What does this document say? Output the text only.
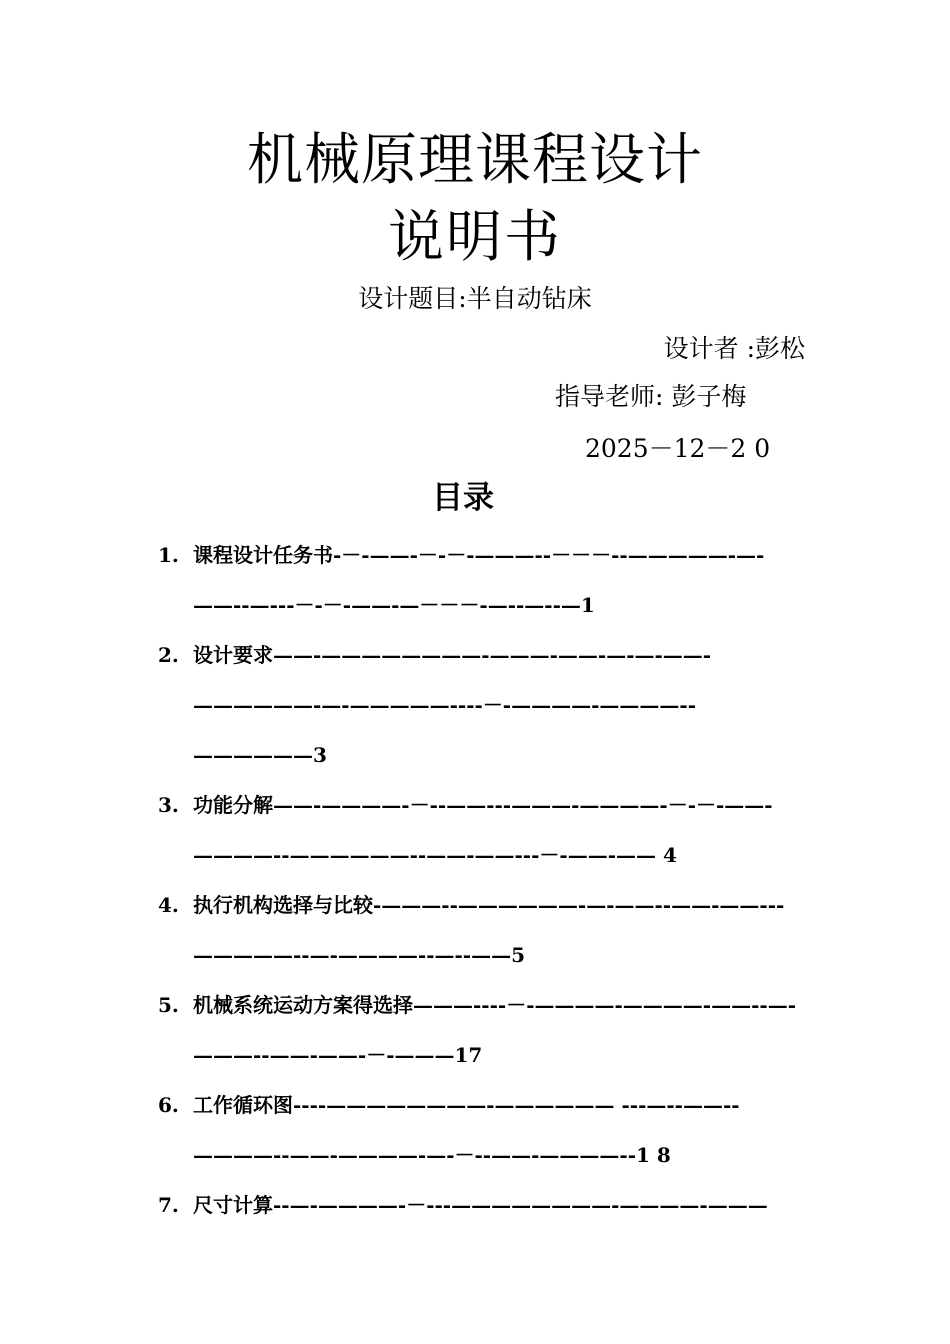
机械原理课程设计
说明书
设计题目:半自动钻床
设计者 :彭松
指导老师: 彭子梅
2025－12－2 0
目录
1. 课程设计任务书-－-——-－-－-———--－－－--—————-—-——--—---－-－-——-—－－－-—--—--—1
2. 设计要求——-————————-———-——-—-—-——-——————-—-—————----－-————-————--——————3
3. 功能分解——-————-－--——---———-————-－-－-——-————--——————--——-——---－-——-—— 4
4. 执行机构选择与比较-———--——————-—-——--——-——---—————--—-————--—--——5
5. 机械系统运动方案得选择———----－-————-————-——--—-———--——-——-－-———17
6. 工作循环图----————————-—————— ---—--——--————--——-————-—-－--——-————--1 8
7. 尺寸计算--—-————-－---————————-————-———
